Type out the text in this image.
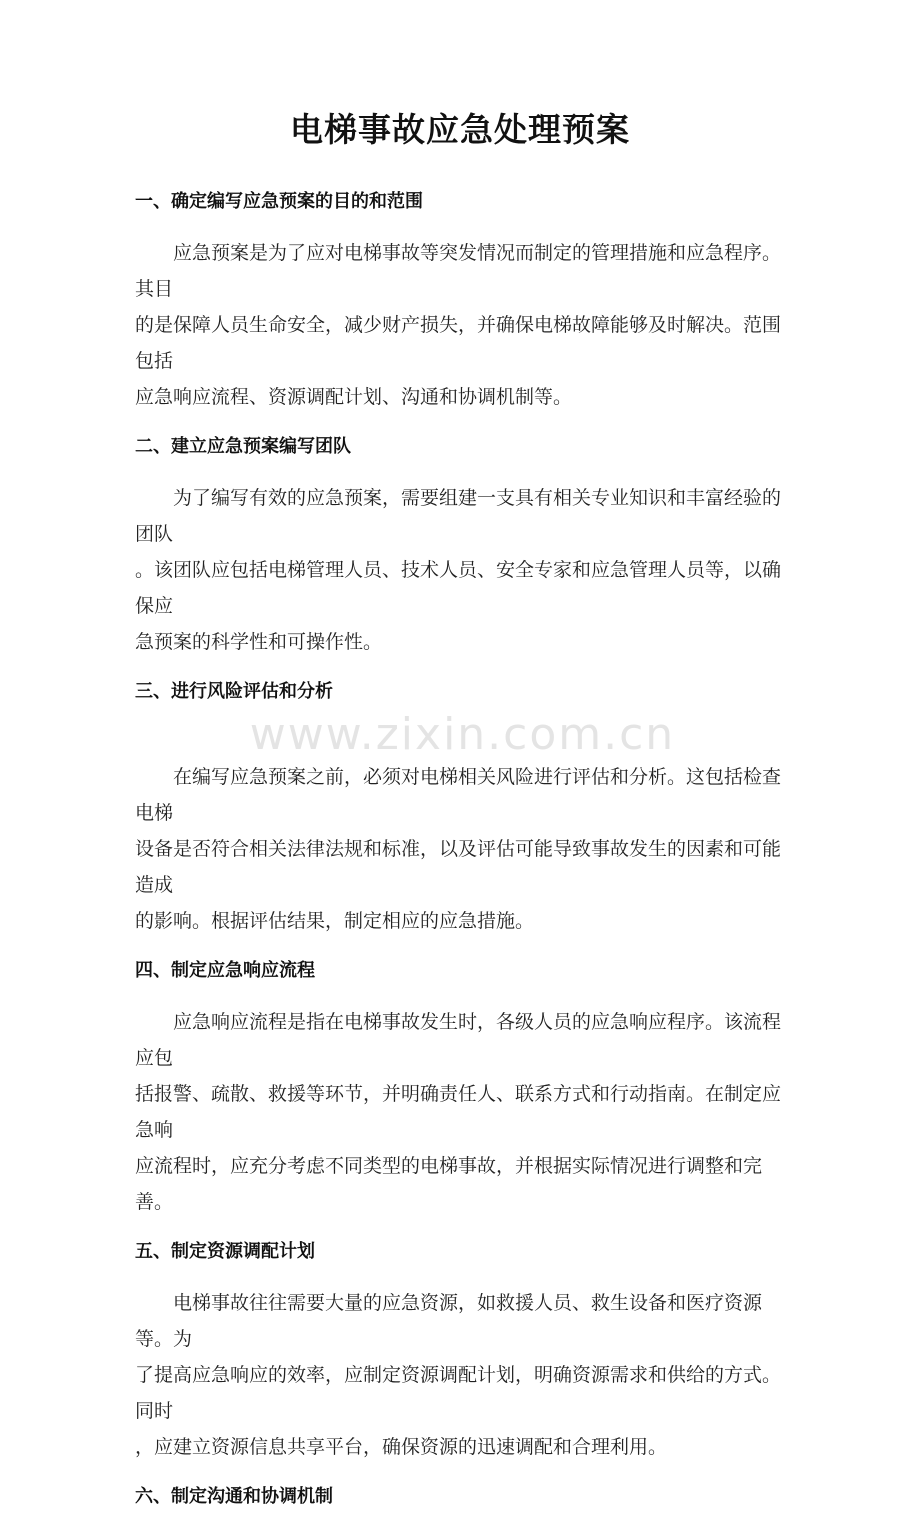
电梯事故应急处理预案
一、确定编写应急预案的目的和范围
应急预案是为了应对电梯事故等突发情况而制定的管理措施和应急程序。其目
的是保障人员生命安全，减少财产损失，并确保电梯故障能够及时解决。范围包括
应急响应流程、资源调配计划、沟通和协调机制等。
二、建立应急预案编写团队
为了编写有效的应急预案，需要组建一支具有相关专业知识和丰富经验的团队
。该团队应包括电梯管理人员、技术人员、安全专家和应急管理人员等，以确保应
急预案的科学性和可操作性。
三、进行风险评估和分析
www.zixin.com.cn
在编写应急预案之前，必须对电梯相关风险进行评估和分析。这包括检查电梯
设备是否符合相关法律法规和标准，以及评估可能导致事故发生的因素和可能造成
的影响。根据评估结果，制定相应的应急措施。
四、制定应急响应流程
应急响应流程是指在电梯事故发生时，各级人员的应急响应程序。该流程应包
括报警、疏散、救援等环节，并明确责任人、联系方式和行动指南。在制定应急响
应流程时，应充分考虑不同类型的电梯事故，并根据实际情况进行调整和完善。
五、制定资源调配计划
电梯事故往往需要大量的应急资源，如救援人员、救生设备和医疗资源等。为
了提高应急响应的效率，应制定资源调配计划，明确资源需求和供给的方式。同时
，应建立资源信息共享平台，确保资源的迅速调配和合理利用。
六、制定沟通和协调机制
